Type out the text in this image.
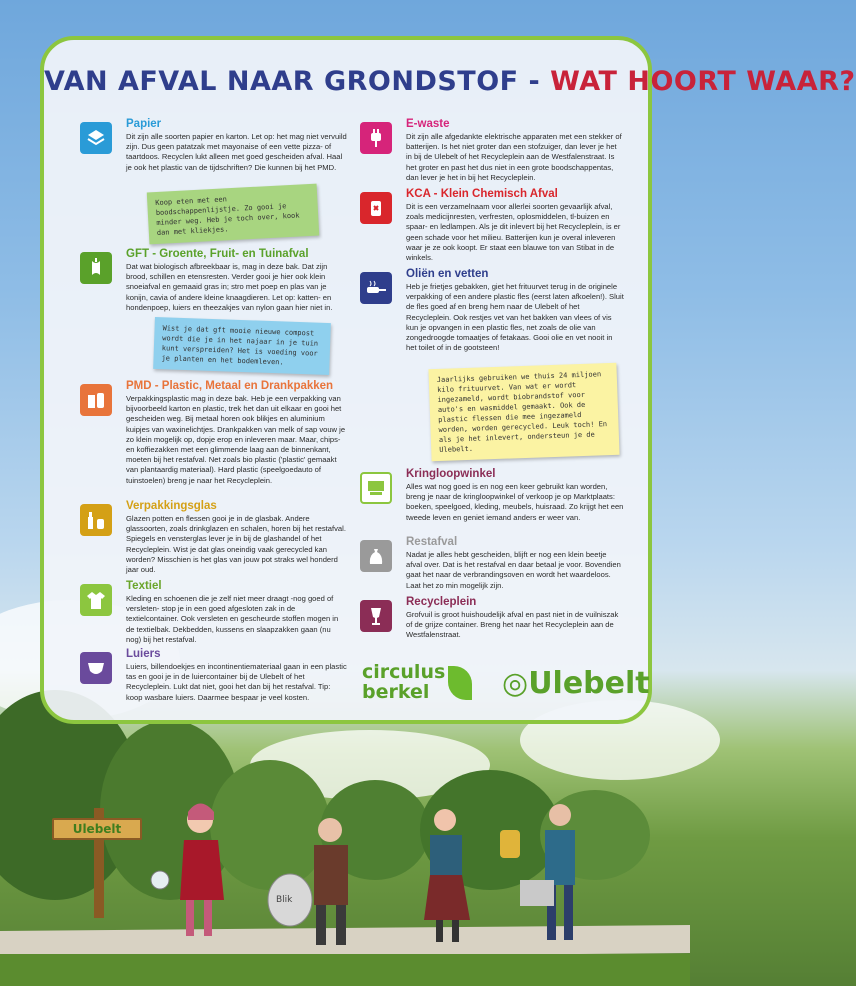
Ulebelt
Blik
VAN AFVAL NAAR GRONDSTOF - WAT HOORT WAAR?
Papier

Dit zijn alle soorten papier en karton. Let op: het mag niet vervuild zijn. Dus geen patatzak met mayonaise of een vette pizza- of taartdoos. Recyclen lukt alleen met goed gescheiden afval. Haal je ook het plastic van de tijdschriften? Die kunnen bij het PMD.

Koop eten met een boodschappenlijstje. Zo gooi je minder weg. Heb je toch over, kook dan met kliekjes.
GFT - Groente, Fruit- en Tuinafval

Dat wat biologisch afbreekbaar is, mag in deze bak. Dat zijn brood, schillen en etensresten. Verder gooi je hier ook klein snoeiafval en gemaaid gras in; stro met poep en plas van je konijn, cavia of andere kleine knaagdieren. Let op: katten- en hondenpoep, luiers en theezakjes van nylon gaan hier niet in.

Wist je dat gft mooie nieuwe compost wordt die je in het najaar in je tuin kunt verspreiden? Het is voeding voor je planten en het bodemleven.
PMD - Plastic, Metaal en Drankpakken

Verpakkingsplastic mag in deze bak. Heb je een verpakking van bijvoorbeeld karton en plastic, trek het dan uit elkaar en gooi het gescheiden weg. Bij metaal horen ook blikjes en aluminium kuipjes van waxinelichtjes. Drankpakken van melk of sap vouw je zo klein mogelijk op, dopje erop en inleveren maar. Maar, chips- en koffiezakken met een glimmende laag aan de binnenkant, moeten bij het restafval. Net zoals bio plastic ('plastic' gemaakt van plantaardig materiaal). Hard plastic (speelgoedauto of tuinstoelen) breng je naar het Recycleplein.

Verpakkingsglas

Glazen potten en flessen gooi je in de glasbak. Andere glassoorten, zoals drinkglazen en schalen, horen bij het restafval. Spiegels en vensterglas lever je in bij de glashandel of het Recycleplein. Wist je dat glas oneindig vaak gerecycled kan worden? Misschien is het glas van jouw pot straks wel honderd jaar oud.

Textiel

Kleding en schoenen die je zelf niet meer draagt -nog goed of versleten- stop je in een goed afgesloten zak in de textielcontainer. Ook versleten en gescheurde stoffen mogen in de textielbak. Dekbedden, kussens en slaapzakken gaan (nu nog) bij het restafval.

Luiers

Luiers, billendoekjes en incontinentiemateriaal gaan in een plastic tas en gooi je in de luiercontainer bij de Ulebelt of het Recycleplein. Lukt dat niet, gooi het dan bij het restafval. Tip: koop wasbare luiers. Daarmee bespaar je veel kosten.

E-waste

Dit zijn alle afgedankte elektrische apparaten met een stekker of batterijen. Is het niet groter dan een stofzuiger, dan lever je het in bij de Ulebelt of het Recycleplein aan de Westfalenstraat. Is het groter en past het dus niet in een grote boodschappentas, dan lever je het in bij het Recycleplein.

KCA - Klein Chemisch Afval

Dit is een verzamelnaam voor allerlei soorten gevaarlijk afval, zoals medicijnresten, verfresten, oplosmiddelen, tl-buizen en spaar- en ledlampen. Als je dit inlevert bij het Recycleplein, is er geen schade voor het milieu. Batterijen kun je overal inleveren waar je ze ook koopt. Er staat een blauwe ton van Stibat in de winkels.

Oliën en vetten

Heb je frietjes gebakken, giet het frituurvet terug in de originele verpakking of een andere plastic fles (eerst laten afkoelen!). Sluit de fles goed af en breng hem naar de Ulebelt of het Recycleplein. Ook restjes vet van het bakken van vlees of vis kun je opvangen in een plastic fles, net zoals de olie van zongedroogde tomaatjes of fetakaas. Gooi olie en vet nooit in het toilet of in de gootsteen!

Jaarlijks gebruiken we thuis 24 miljoen kilo frituurvet. Van wat er wordt ingezameld, wordt biobrandstof voor auto's en wasmiddel gemaakt. Ook de plastic flessen die mee ingezameld worden, worden gerecycled. Leuk toch! En als je het inlevert, ondersteun je de Ulebelt.
Kringloopwinkel

Alles wat nog goed is en nog een keer gebruikt kan worden, breng je naar de kringloopwinkel of verkoop je op Marktplaats: boeken, speelgoed, kleding, meubels, huisraad. Zo krijgt het een tweede leven en geniet iemand anders er weer van.

Restafval

Nadat je alles hebt gescheiden, blijft er nog een klein beetje afval over. Dat is het restafval en daar betaal je voor. Bovendien gaat het naar de verbrandingsoven en wordt het waardeloos. Laat het zo min mogelijk zijn.

Recycleplein

Grofvuil is groot huishoudelijk afval en past niet in de vuilniszak of de grijze container. Breng het naar het Recycleplein aan de Westfalenstraat.

circulus
berkel	◎Ulebelt
